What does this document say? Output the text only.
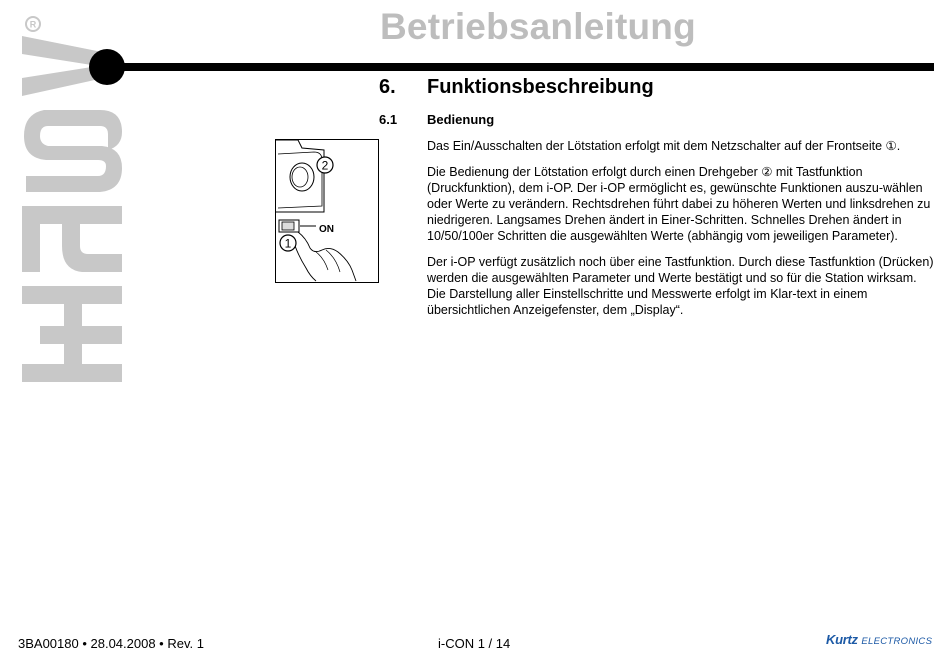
R	Betriebsanleitung
6. Funktionsbeschreibung
6.1 Bedienung
2
ON
1

Das Ein/Ausschalten der Lötstation erfolgt mit dem Netzschalter auf der Frontseite ①.

Die Bedienung der Lötstation erfolgt durch einen Drehgeber ② mit Tastfunktion (Druckfunktion), dem i-OP. Der i-OP ermöglicht es, gewünschte Funktionen auszu-wählen oder Werte zu verändern. Rechtsdrehen führt dabei zu höheren Werten und linksdrehen zu niedrigeren. Langsames Drehen ändert in Einer-Schritten. Schnelles Drehen ändert in 10/50/100er Schritten die ausgewählten Werte (abhängig vom jeweiligen Parameter).

Der i-OP verfügt zusätzlich noch über eine Tastfunktion. Durch diese Tastfunktion (Drücken) werden die ausgewählten Parameter und Werte bestätigt und so für die Station wirksam. Die Darstellung aller Einstellschritte und Messwerte erfolgt im Klar-text in einem übersichtlichen Anzeigefenster, dem „Display“.

3BA00180 • 28.04.2008 • Rev. 1	i-CON 1 / 14	Kurtz ELECTRONICS
